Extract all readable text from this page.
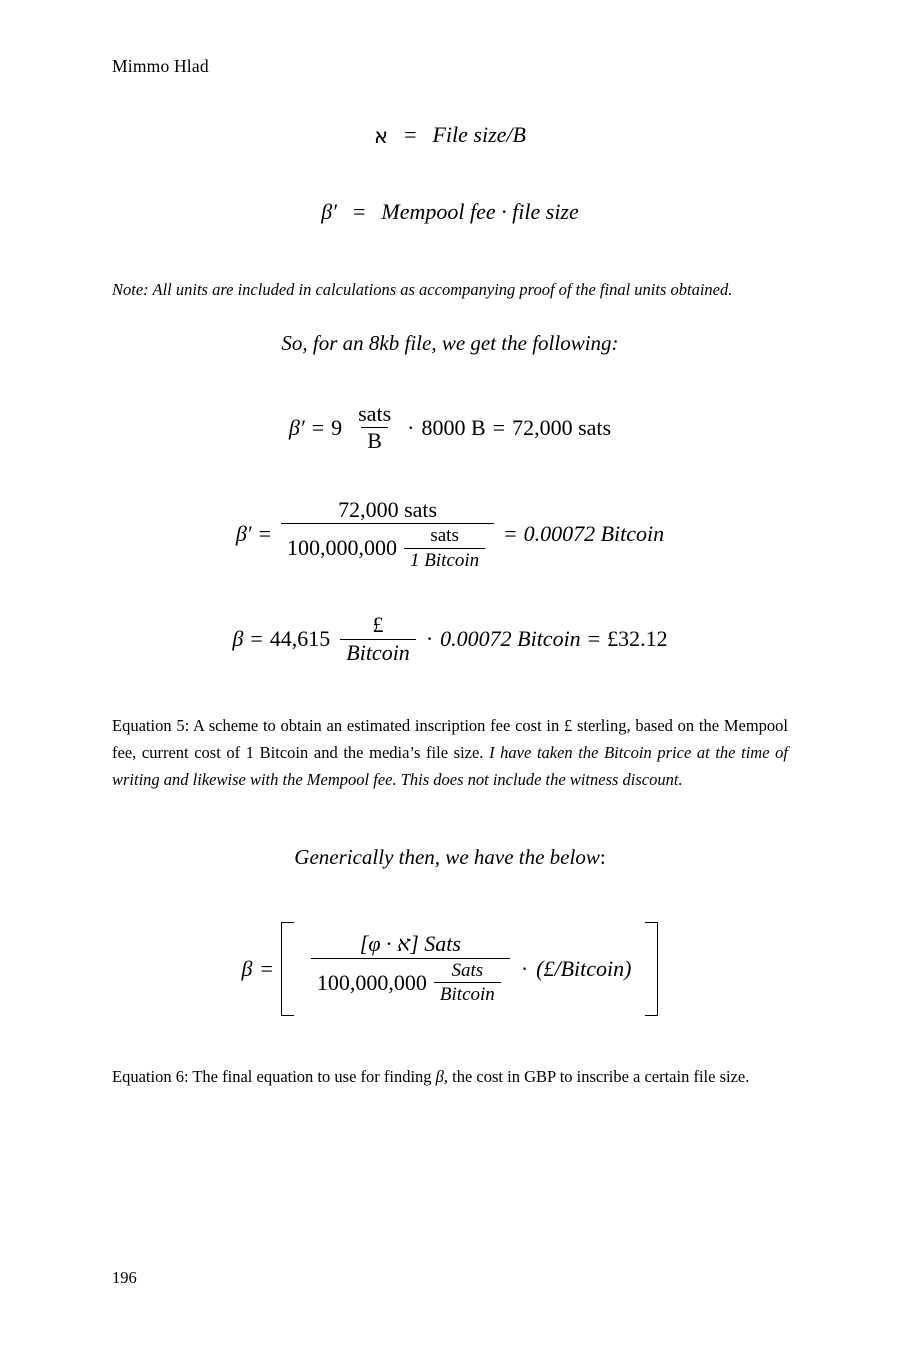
Mimmo Hlad
א = File size/B
β′ = Mempool fee · file size

Note: All units are included in calculations as accompanying proof of the final units obtained.

So, for an 8kb file, we get the following:
$\beta' = 9 \frac{\text{sats}}{B} \cdot 8000$ B = 72,000 sats
β′ =
72,000 sats
$100,000,000 \frac{\text{sats}}{\text{1 Bitcoin}} = 0.00072$ Bitcoin
$\beta = 44,615 \frac{£}{\text{Bitcoin}} \cdot 0.00072$ Bitcoin = £32.12

Equation 5: A scheme to obtain an estimated inscription fee cost in £ sterling, based on the Mempool fee, current cost of 1 Bitcoin and the media’s file size. I have taken the Bitcoin price at the time of writing and likewise with the Mempool fee. This does not include the witness discount.

Generically then, we have the below:
β =
[φ · א] Sats
$100,000,000 \frac{\text{Sats}}{\text{Bitcoin}}$ · (£/Bitcoin)

Equation 6: The final equation to use for finding β, the cost in GBP to inscribe a certain file size.

196
